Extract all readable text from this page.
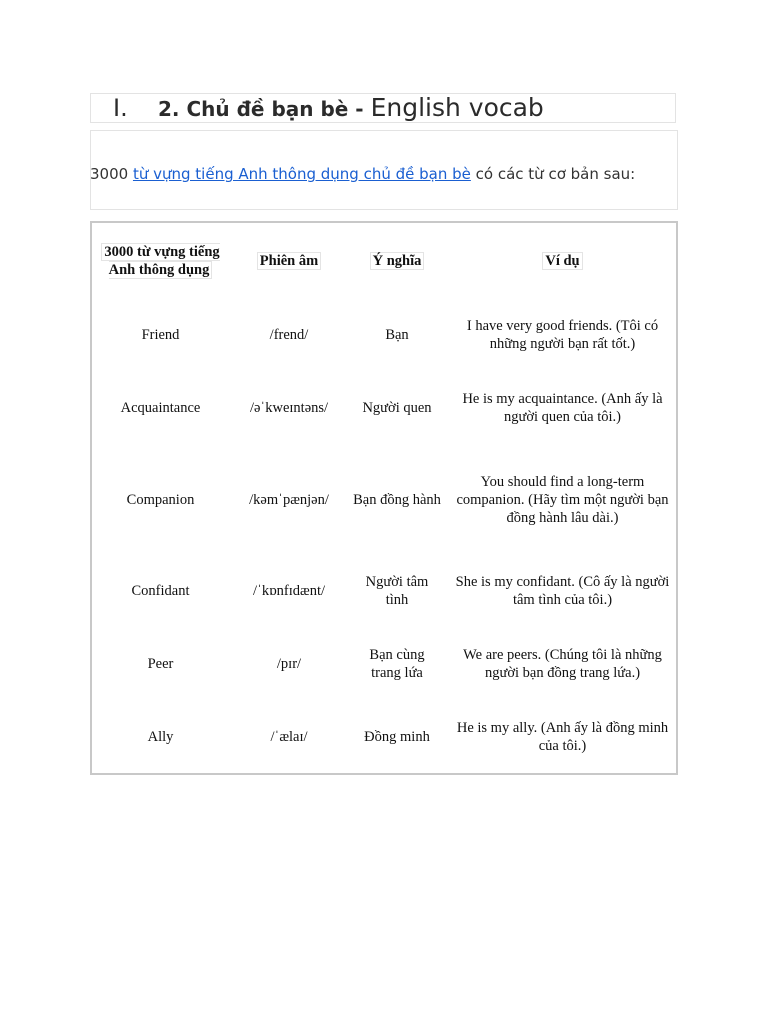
I. 2. Chủ đề bạn bè - English vocab
3000 từ vựng tiếng Anh thông dụng chủ đề bạn bè có các từ cơ bản sau:
3000 từ vựng tiếng Anh thông dụng	Phiên âm	Ý nghĩa	Ví dụ
Friend	/frend/	Bạn	I have very good friends. (Tôi có những người bạn rất tốt.)
Acquaintance	/əˈkweɪntəns/	Người quen	He is my acquaintance. (Anh ấy là người quen của tôi.)
Companion	/kəmˈpænjən/	Bạn đồng hành	You should find a long-term companion. (Hãy tìm một người bạn đồng hành lâu dài.)
Confidant	/ˈkɒnfɪdænt/	Người tâm tình	She is my confidant. (Cô ấy là người tâm tình của tôi.)
Peer	/pɪr/	Bạn cùng trang lứa	We are peers. (Chúng tôi là những người bạn đồng trang lứa.)
Ally	/ˈælaɪ/	Đồng minh	He is my ally. (Anh ấy là đồng minh của tôi.)
